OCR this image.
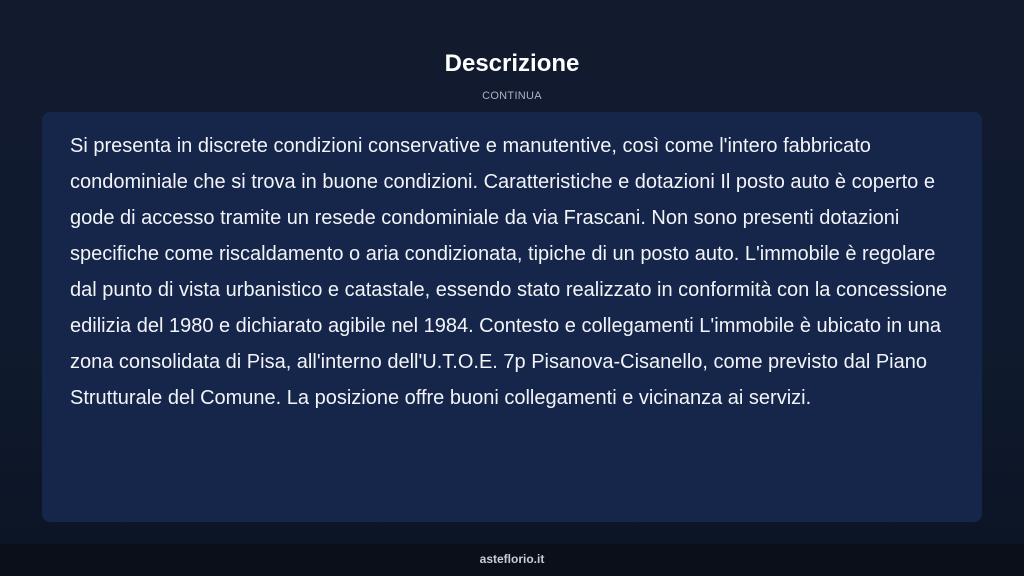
Descrizione
CONTINUA

Si presenta in discrete condizioni conservative e manutentive, così come l'intero fabbricato condominiale che si trova in buone condizioni. Caratteristiche e dotazioni Il posto auto è coperto e gode di accesso tramite un resede condominiale da via Frascani. Non sono presenti dotazioni specifiche come riscaldamento o aria condizionata, tipiche di un posto auto. L'immobile è regolare dal punto di vista urbanistico e catastale, essendo stato realizzato in conformità con la concessione edilizia del 1980 e dichiarato agibile nel 1984. Contesto e collegamenti L'immobile è ubicato in una zona consolidata di Pisa, all'interno dell'U.T.O.E. 7p Pisanova-Cisanello, come previsto dal Piano Strutturale del Comune. La posizione offre buoni collegamenti e vicinanza ai servizi.

asteflorio.it
